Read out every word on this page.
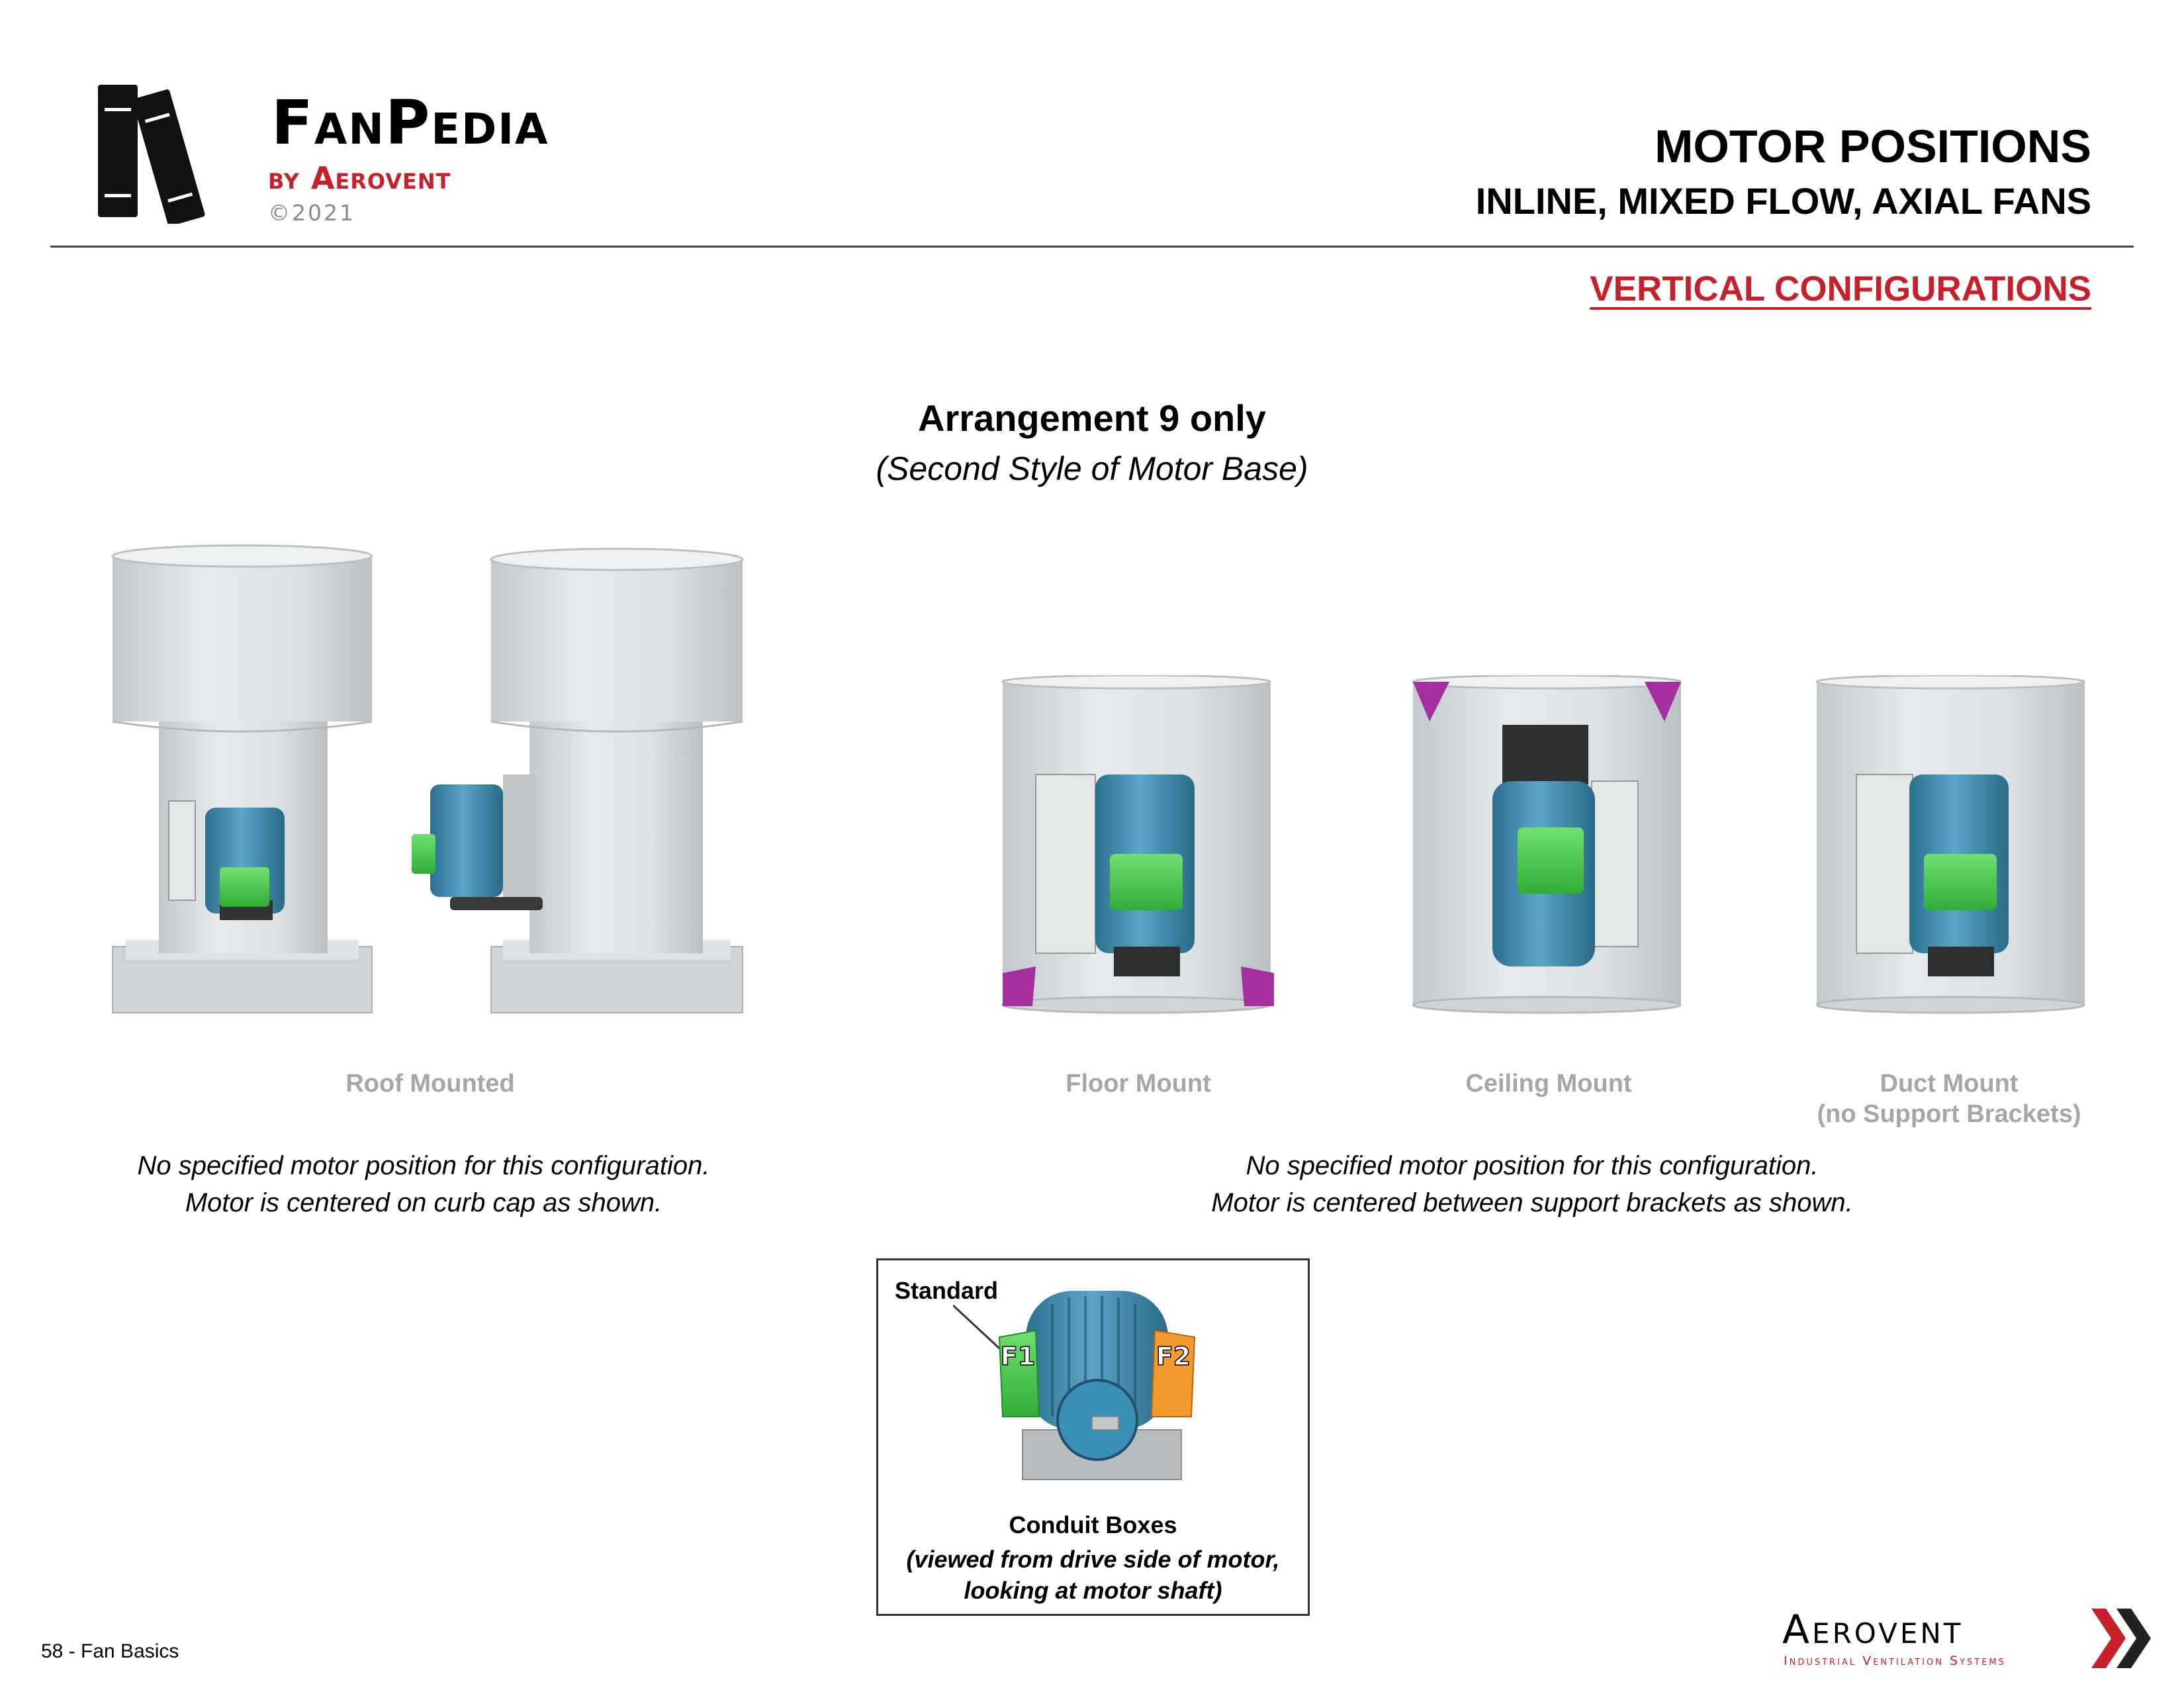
FanPedia
by Aerovent
©2021
MOTOR POSITIONS
INLINE, MIXED FLOW, AXIAL FANS
VERTICAL CONFIGURATIONS
Arrangement 9 only
(Second Style of Motor Base)
Roof Mounted	Floor Mount	Ceiling Mount	Duct Mount
(no Support Brackets)
No specified motor position for this configuration.
Motor is centered on curb cap as shown.
No specified motor position for this configuration.
Motor is centered between support brackets as shown.
Standard
F1	F2
Conduit Boxes
(viewed from drive side of motor,
looking at motor shaft)
58 - Fan Basics	Aerovent
Industrial Ventilation Systems
